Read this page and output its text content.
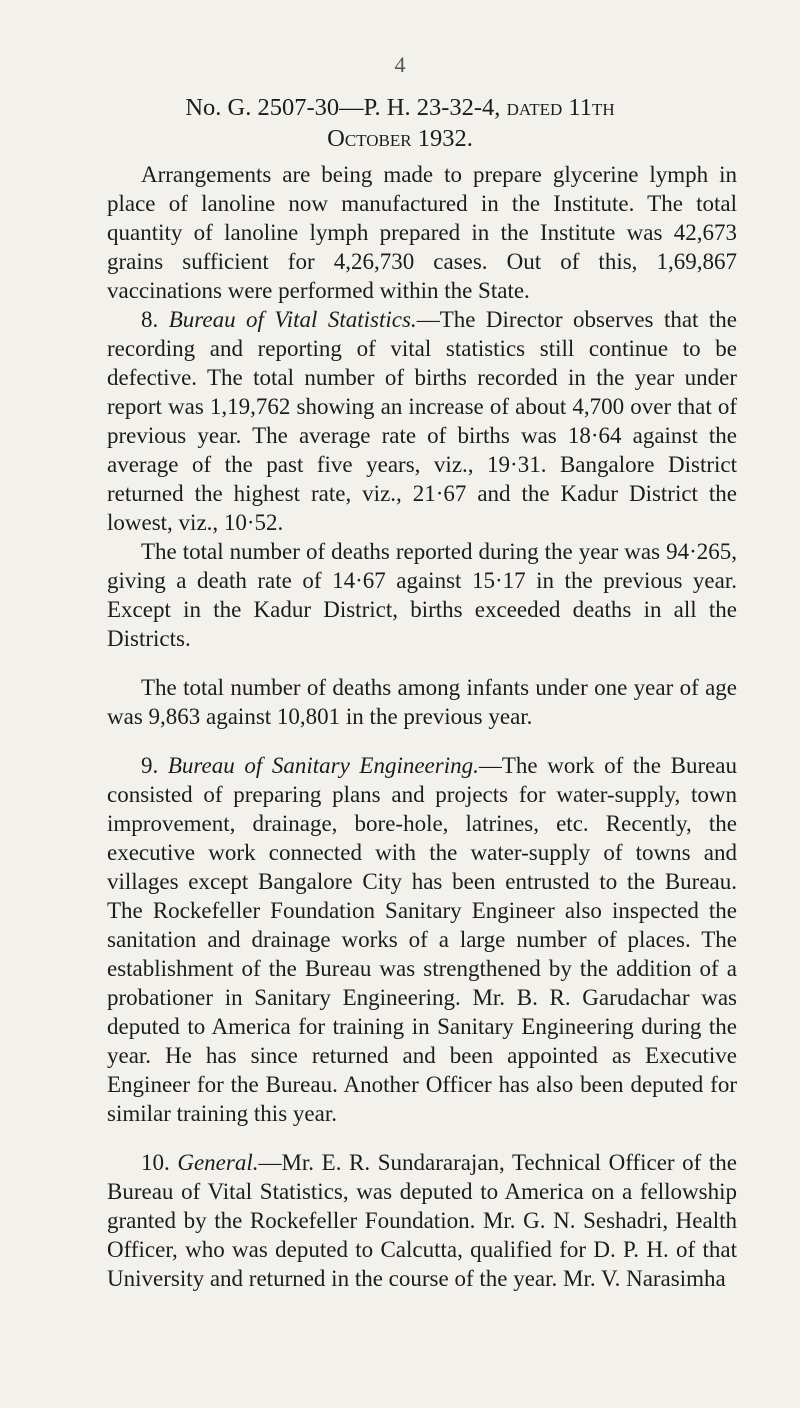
4
No. G. 2507-30—P. H. 23-32-4, dated 11th
October 1932.

Arrangements are being made to prepare glycerine lymph in place of lanoline now manufactured in the Institute. The total quantity of lanoline lymph prepared in the Institute was 42,673 grains sufficient for 4,26,730 cases. Out of this, 1,69,867 vaccinations were performed within the State.

8. Bureau of Vital Statistics.—The Director observes that the recording and reporting of vital statistics still continue to be defective. The total number of births recorded in the year under report was 1,19,762 showing an increase of about 4,700 over that of previous year. The average rate of births was 18·64 against the average of the past five years, viz., 19·31. Bangalore District returned the highest rate, viz., 21·67 and the Kadur District the lowest, viz., 10·52.

The total number of deaths reported during the year was 94·265, giving a death rate of 14·67 against 15·17 in the previous year. Except in the Kadur District, births exceeded deaths in all the Districts.

The total number of deaths among infants under one year of age was 9,863 against 10,801 in the previous year.

9. Bureau of Sanitary Engineering.—The work of the Bureau consisted of preparing plans and projects for water-supply, town improvement, drainage, bore-hole, latrines, etc. Recently, the executive work connected with the water-supply of towns and villages except Bangalore City has been entrusted to the Bureau. The Rockefeller Foundation Sanitary Engineer also inspected the sanitation and drainage works of a large number of places. The establishment of the Bureau was strengthened by the addition of a probationer in Sanitary Engineering. Mr. B. R. Garudachar was deputed to America for training in Sanitary Engineering during the year. He has since returned and been appointed as Executive Engineer for the Bureau. Another Officer has also been deputed for similar training this year.

10. General.—Mr. E. R. Sundararajan, Technical Officer of the Bureau of Vital Statistics, was deputed to America on a fellowship granted by the Rockefeller Foundation. Mr. G. N. Seshadri, Health Officer, who was deputed to Calcutta, qualified for D. P. H. of that University and returned in the course of the year. Mr. V. Narasimha
